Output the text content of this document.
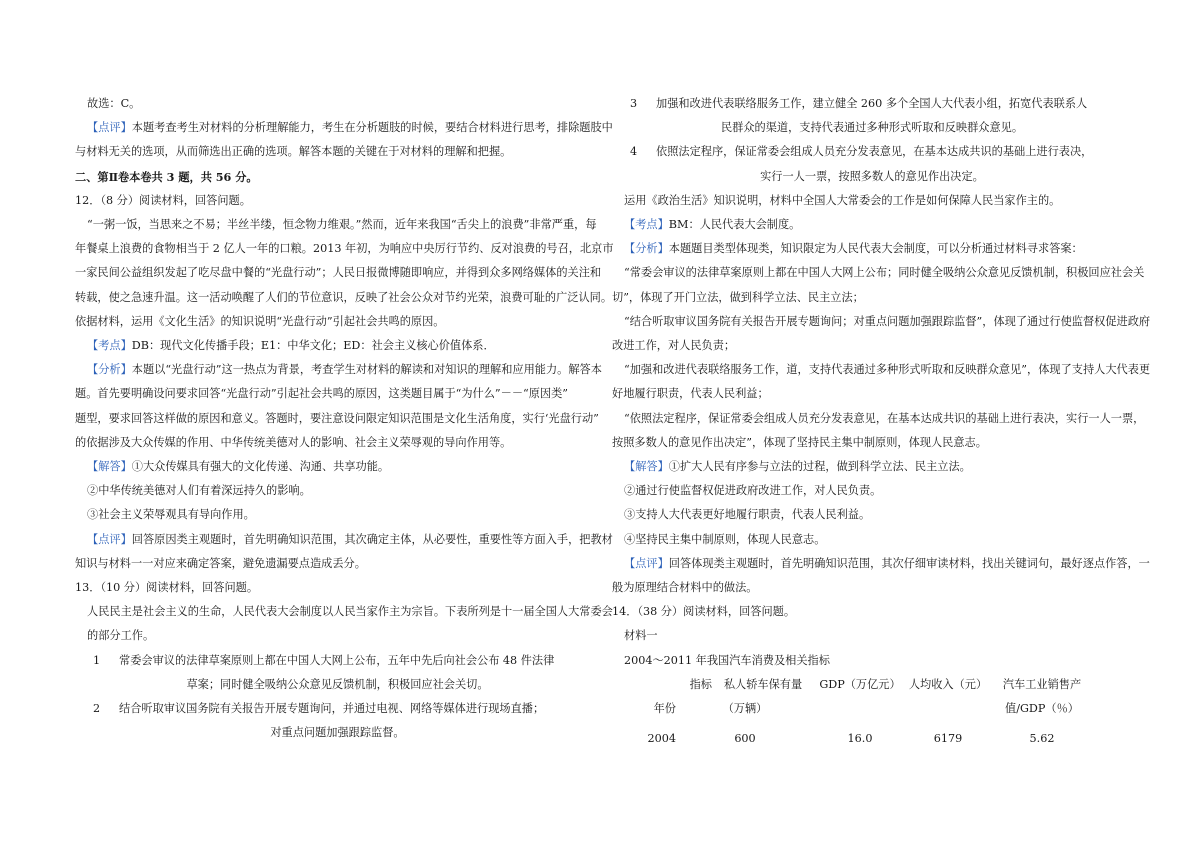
故选：C。

【点评】本题考查考生对材料的分析理解能力，考生在分析题肢的时候，要结合材料进行思考，排除题肢中

与材料无关的选项，从而筛选出正确的选项。解答本题的关键在于对材料的理解和把握。

二、第Ⅱ卷本卷共 3 题，共 56 分。

12．（8 分）阅读材料，回答问题。

“一粥一饭，当思来之不易；半丝半缕，恒念物力维艰。”然而，近年来我国“舌尖上的浪费”非常严重，每

年餐桌上浪费的食物相当于 2 亿人一年的口粮。2013 年初，为响应中央厉行节约、反对浪费的号召，北京市

一家民间公益组织发起了吃尽盘中餐的“光盘行动”；人民日报微博随即响应，并得到众多网络媒体的关注和

转载，使之急速升温。这一活动唤醒了人们的节位意识，反映了社会公众对节约光荣，浪费可耻的广泛认同。

依据材料，运用《文化生活》的知识说明“光盘行动”引起社会共鸣的原因。

【考点】DB：现代文化传播手段；E1：中华文化；ED：社会主义核心价值体系．

【分析】本题以“光盘行动”这一热点为背景，考查学生对材料的解读和对知识的理解和应用能力。解答本

题。首先要明确设问要求回答“光盘行动”引起社会共鸣的原因，这类题目属于“为什么”－－“原因类”

题型，要求回答这样做的原因和意义。答题时，要注意设问限定知识范围是文化生活角度，实行‘光盘行动”

的依据涉及大众传媒的作用、中华传统美德对人的影响、社会主义荣辱观的导向作用等。

【解答】①大众传媒具有强大的文化传递、沟通、共享功能。

②中华传统美德对人们有着深远持久的影响。

③社会主义荣辱观具有导向作用。

【点评】回答原因类主观题时，首先明确知识范围，其次确定主体，从必要性，重要性等方面入手，把教材

知识与材料一一对应来确定答案，避免遗漏要点造成丢分。

13．（10 分）阅读材料，回答问题。

人民民主是社会主义的生命，人民代表大会制度以人民当家作主为宗旨。下表所列是十一届全国人大常委会

的部分工作。

1	常委会审议的法律草案原则上都在中国人大网上公布，五年中先后向社会公布 48 件法律
草案；同时健全吸纳公众意见反馈机制，积极回应社会关切。
2	结合听取审议国务院有关报告开展专题询问，并通过电视、网络等媒体进行现场直播；
对重点问题加强跟踪监督。
3	加强和改进代表联络服务工作，建立健全 260 多个全国人大代表小组，拓宽代表联系人
民群众的渠道，支持代表通过多种形式听取和反映群众意见。
4	依照法定程序，保证常委会组成人员充分发表意见，在基本达成共识的基础上进行表决，
实行一人一票，按照多数人的意见作出决定。

运用《政治生活》知识说明，材料中全国人大常委会的工作是如何保障人民当家作主的。

【考点】BM：人民代表大会制度。

【分析】本题题目类型体现类，知识限定为人民代表大会制度，可以分析通过材料寻求答案：

“常委会审议的法律草案原则上都在中国人大网上公布；同时健全吸纳公众意见反馈机制，积极回应社会关

切”，体现了开门立法，做到科学立法、民主立法；

“结合听取审议国务院有关报告开展专题询问；对重点问题加强跟踪监督”，体现了通过行使监督权促进政府

改进工作，对人民负责；

“加强和改进代表联络服务工作，道，支持代表通过多种形式听取和反映群众意见”，体现了支持人大代表更

好地履行职责，代表人民利益；

“依照法定程序，保证常委会组成人员充分发表意见，在基本达成共识的基础上进行表决，实行一人一票，

按照多数人的意见作出决定”，体现了坚持民主集中制原则，体现人民意志。

【解答】①扩大人民有序参与立法的过程，做到科学立法、民主立法。

②通过行使监督权促进政府改进工作，对人民负责。

③支持人大代表更好地履行职责，代表人民利益。

④坚持民主集中制原则，体现人民意志。

【点评】回答体现类主观题时，首先明确知识范围，其次仔细审读材料，找出关键词句，最好逐点作答，一

般为原理结合材料中的做法。

14．（38 分）阅读材料，回答问题。

材料一

2004～2011 年我国汽车消费及相关指标

指标	私人轿车保有量	GDP（万亿元） 人均收入（元）	汽车工业销售产
年份	（万辆）	值/GDP（％）
2004	600	16.0	6179	5.62
